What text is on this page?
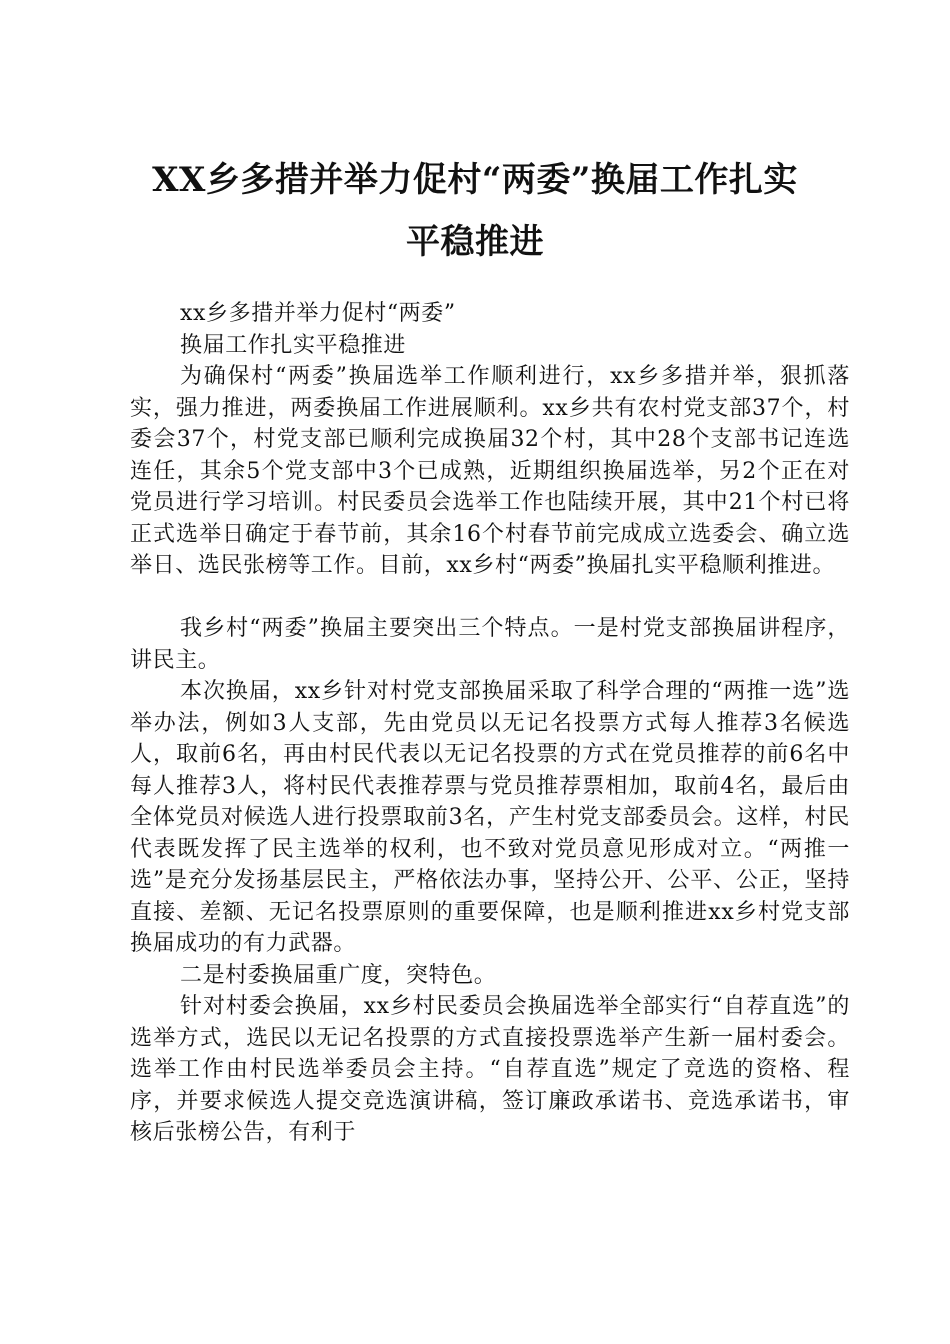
XX乡多措并举力促村“两委”换届工作扎实
平稳推进

xx乡多措并举力促村“两委”

换届工作扎实平稳推进

为确保村“两委”换届选举工作顺利进行，xx乡多措并举，狠抓落实，强力推进，两委换届工作进展顺利。xx乡共有农村党支部37个，村委会37个，村党支部已顺利完成换届32个村，其中28个支部书记连选连任，其余5个党支部中3个已成熟，近期组织换届选举，另2个正在对党员进行学习培训。村民委员会选举工作也陆续开展，其中21个村已将正式选举日确定于春节前，其余16个村春节前完成成立选委会、确立选举日、选民张榜等工作。目前，xx乡村“两委”换届扎实平稳顺利推进。

我乡村“两委”换届主要突出三个特点。一是村党支部换届讲程序，讲民主。

本次换届，xx乡针对村党支部换届采取了科学合理的“两推一选”选举办法，例如3人支部，先由党员以无记名投票方式每人推荐3名候选人，取前6名，再由村民代表以无记名投票的方式在党员推荐的前6名中每人推荐3人，将村民代表推荐票与党员推荐票相加，取前4名，最后由全体党员对候选人进行投票取前3名，产生村党支部委员会。这样，村民代表既发挥了民主选举的权利，也不致对党员意见形成对立。“两推一选”是充分发扬基层民主，严格依法办事，坚持公开、公平、公正，坚持直接、差额、无记名投票原则的重要保障，也是顺利推进xx乡村党支部换届成功的有力武器。

二是村委换届重广度，突特色。

针对村委会换届，xx乡村民委员会换届选举全部实行“自荐直选”的选举方式，选民以无记名投票的方式直接投票选举产生新一届村委会。选举工作由村民选举委员会主持。“自荐直选”规定了竞选的资格、程序，并要求候选人提交竞选演讲稿，签订廉政承诺书、竞选承诺书，审核后张榜公告，有利于
